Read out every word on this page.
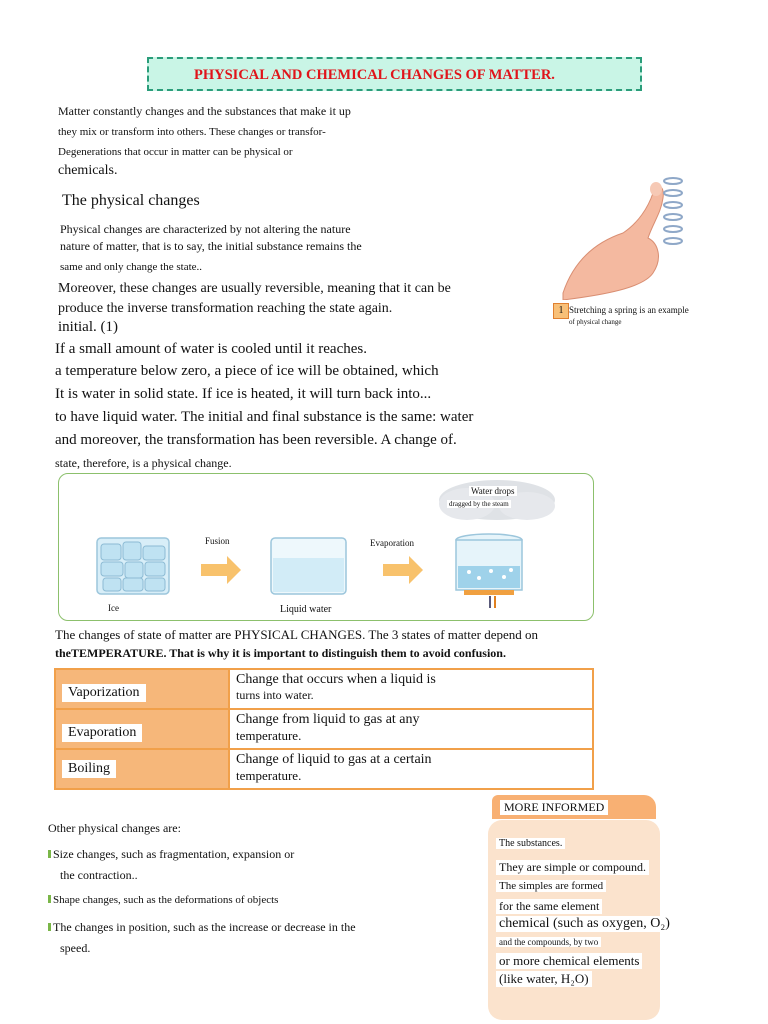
PHYSICAL AND CHEMICAL CHANGES OF MATTER.
Matter constantly changes and the substances that make it up
they mix or transform into others. These changes or transfor-
Degenerations that occur in matter can be physical or
chemicals.
The physical changes
Physical changes are characterized by not altering the nature
nature of matter, that is to say, the initial substance remains the
same and only change the state..
Moreover, these changes are usually reversible, meaning that it can be
produce the inverse transformation reaching the state again.
initial. (1)
If a small amount of water is cooled until it reaches.
a temperature below zero, a piece of ice will be obtained, which
It is water in solid state. If ice is heated, it will turn back into...
to have liquid water. The initial and final substance is the same: water
and moreover, the transformation has been reversible. A change of.
state, therefore, is a physical change.
1 Stretching a spring is an example
of physical change
Ice
Fusion
Liquid water
Evaporation
Water drops
dragged by the steam
The changes of state of matter are PHYSICAL CHANGES. The 3 states of matter depend on
theTEMPERATURE. That is why it is important to distinguish them to avoid confusion.
Vaporization	Change that occurs when a liquid is
turns into water.

Evaporation	Change from liquid to gas at any
temperature.

Boiling	Change of liquid to gas at a certain
temperature.
Other physical changes are:
Size changes, such as fragmentation, expansion or
the contraction..
Shape changes, such as the deformations of objects
The changes in position, such as the increase or decrease in the
speed.
MORE INFORMED
The substances.
They are simple or compound.
The simples are formed
for the same element
chemical (such as oxygen, O₂)
and the compounds, by two
or more chemical elements
(like water, H₂O)
